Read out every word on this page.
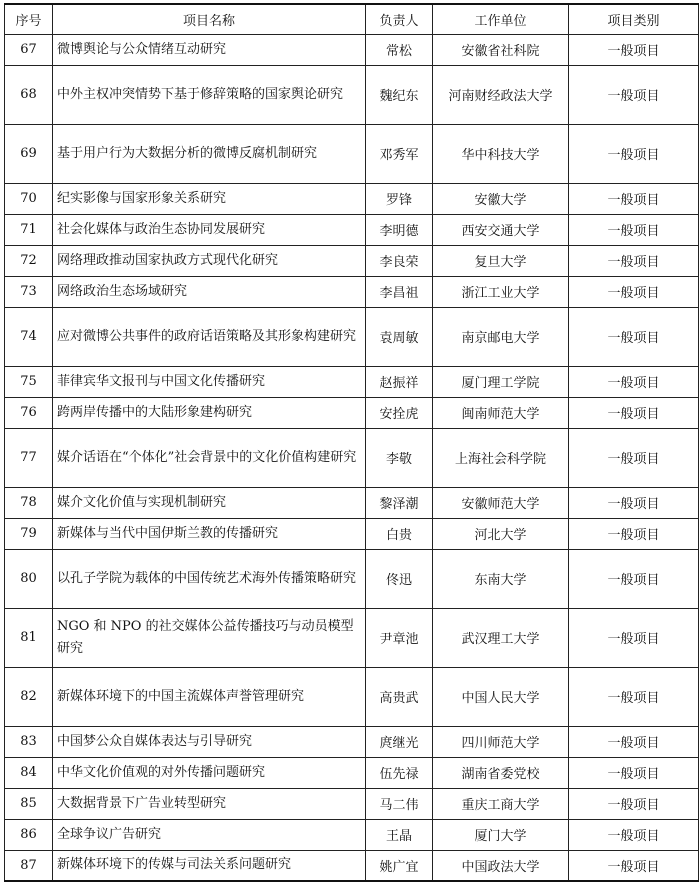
序号	项目名称	负责人	工作单位	项目类别
67	微博舆论与公众情绪互动研究	常松	安徽省社科院	一般项目
68	中外主权冲突情势下基于修辞策略的国家舆论研究	魏纪东	河南财经政法大学	一般项目
69	基于用户行为大数据分析的微博反腐机制研究	邓秀军	华中科技大学	一般项目
70	纪实影像与国家形象关系研究	罗锋	安徽大学	一般项目
71	社会化媒体与政治生态协同发展研究	李明德	西安交通大学	一般项目
72	网络理政推动国家执政方式现代化研究	李良荣	复旦大学	一般项目
73	网络政治生态场域研究	李昌祖	浙江工业大学	一般项目
74	应对微博公共事件的政府话语策略及其形象构建研究	袁周敏	南京邮电大学	一般项目
75	菲律宾华文报刊与中国文化传播研究	赵振祥	厦门理工学院	一般项目
76	跨两岸传播中的大陆形象建构研究	安拴虎	闽南师范大学	一般项目
77	媒介话语在“个体化”社会背景中的文化价值构建研究	李敬	上海社会科学院	一般项目
78	媒介文化价值与实现机制研究	黎泽潮	安徽师范大学	一般项目
79	新媒体与当代中国伊斯兰教的传播研究	白贵	河北大学	一般项目
80	以孔子学院为载体的中国传统艺术海外传播策略研究	佟迅	东南大学	一般项目
81	NGO 和 NPO 的社交媒体公益传播技巧与动员模型研究	尹章池	武汉理工大学	一般项目
82	新媒体环境下的中国主流媒体声誉管理研究	高贵武	中国人民大学	一般项目
83	中国梦公众自媒体表达与引导研究	庹继光	四川师范大学	一般项目
84	中华文化价值观的对外传播问题研究	伍先禄	湖南省委党校	一般项目
85	大数据背景下广告业转型研究	马二伟	重庆工商大学	一般项目
86	全球争议广告研究	王晶	厦门大学	一般项目
87	新媒体环境下的传媒与司法关系问题研究	姚广宜	中国政法大学	一般项目
